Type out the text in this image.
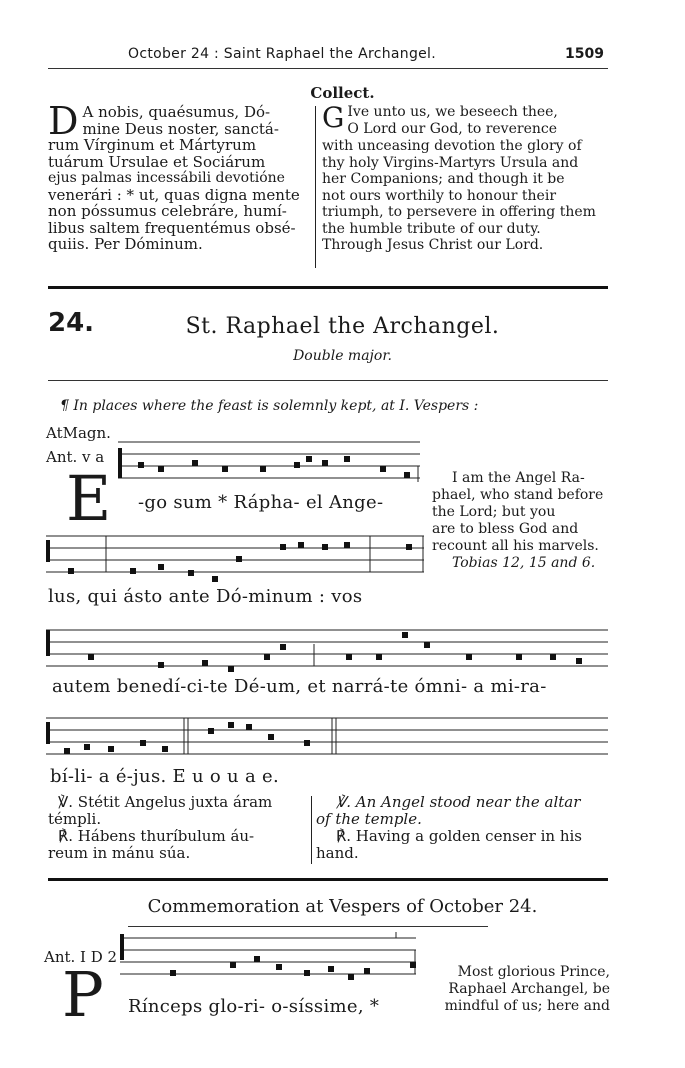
October 24 : Saint Raphael the Archangel.	1509
Collect.
D A nobis, quaésumus, Dó-
mine Deus noster, sanctá-
rum Vírginum et Mártyrum
tuárum Ursulae et Sociárum
ejus palmas incessábili devotióne
venerári : * ut, quas digna mente
non póssumus celebráre, humí-
libus saltem frequentémus obsé-
quiis. Per Dóminum.
G Ive unto us, we beseech thee,
O Lord our God, to reverence
with unceasing devotion the glory of
thy holy Virgins-Martyrs Ursula and
her Companions; and though it be
not ours worthily to honour their
triumph, to persevere in offering them
the humble tribute of our duty.
Through Jesus Christ our Lord.
24.	St. Raphael the Archangel.
Double major.
¶ In places where the feast is solemnly kept, at I. Vespers :
AtMagn.
Ant. v a
E -go sum * Rápha- el Ange-
I am the Angel Ra-
phael, who stand before
the Lord; but you
are to bless God and
recount all his marvels.
Tobias 12, 15 and 6.
lus, qui ásto ante Dó-minum : vos
autem benedí-ci-te Dé-um, et narrá-te ómni- a mi-ra-
bí-li- a é-jus. E u o u a e.
℣. Stétit Angelus juxta áram
témpli.
℟. Hábens thuríbulum áu-
reum in mánu súa.
℣. An Angel stood near the altar
of the temple.
℟. Having a golden censer in his
hand.
Commemoration at Vespers of October 24.
Ant. I D 2
P Rínceps glo-ri- o-síssime, *
Most glorious Prince,
Raphael Archangel, be
mindful of us; here and
